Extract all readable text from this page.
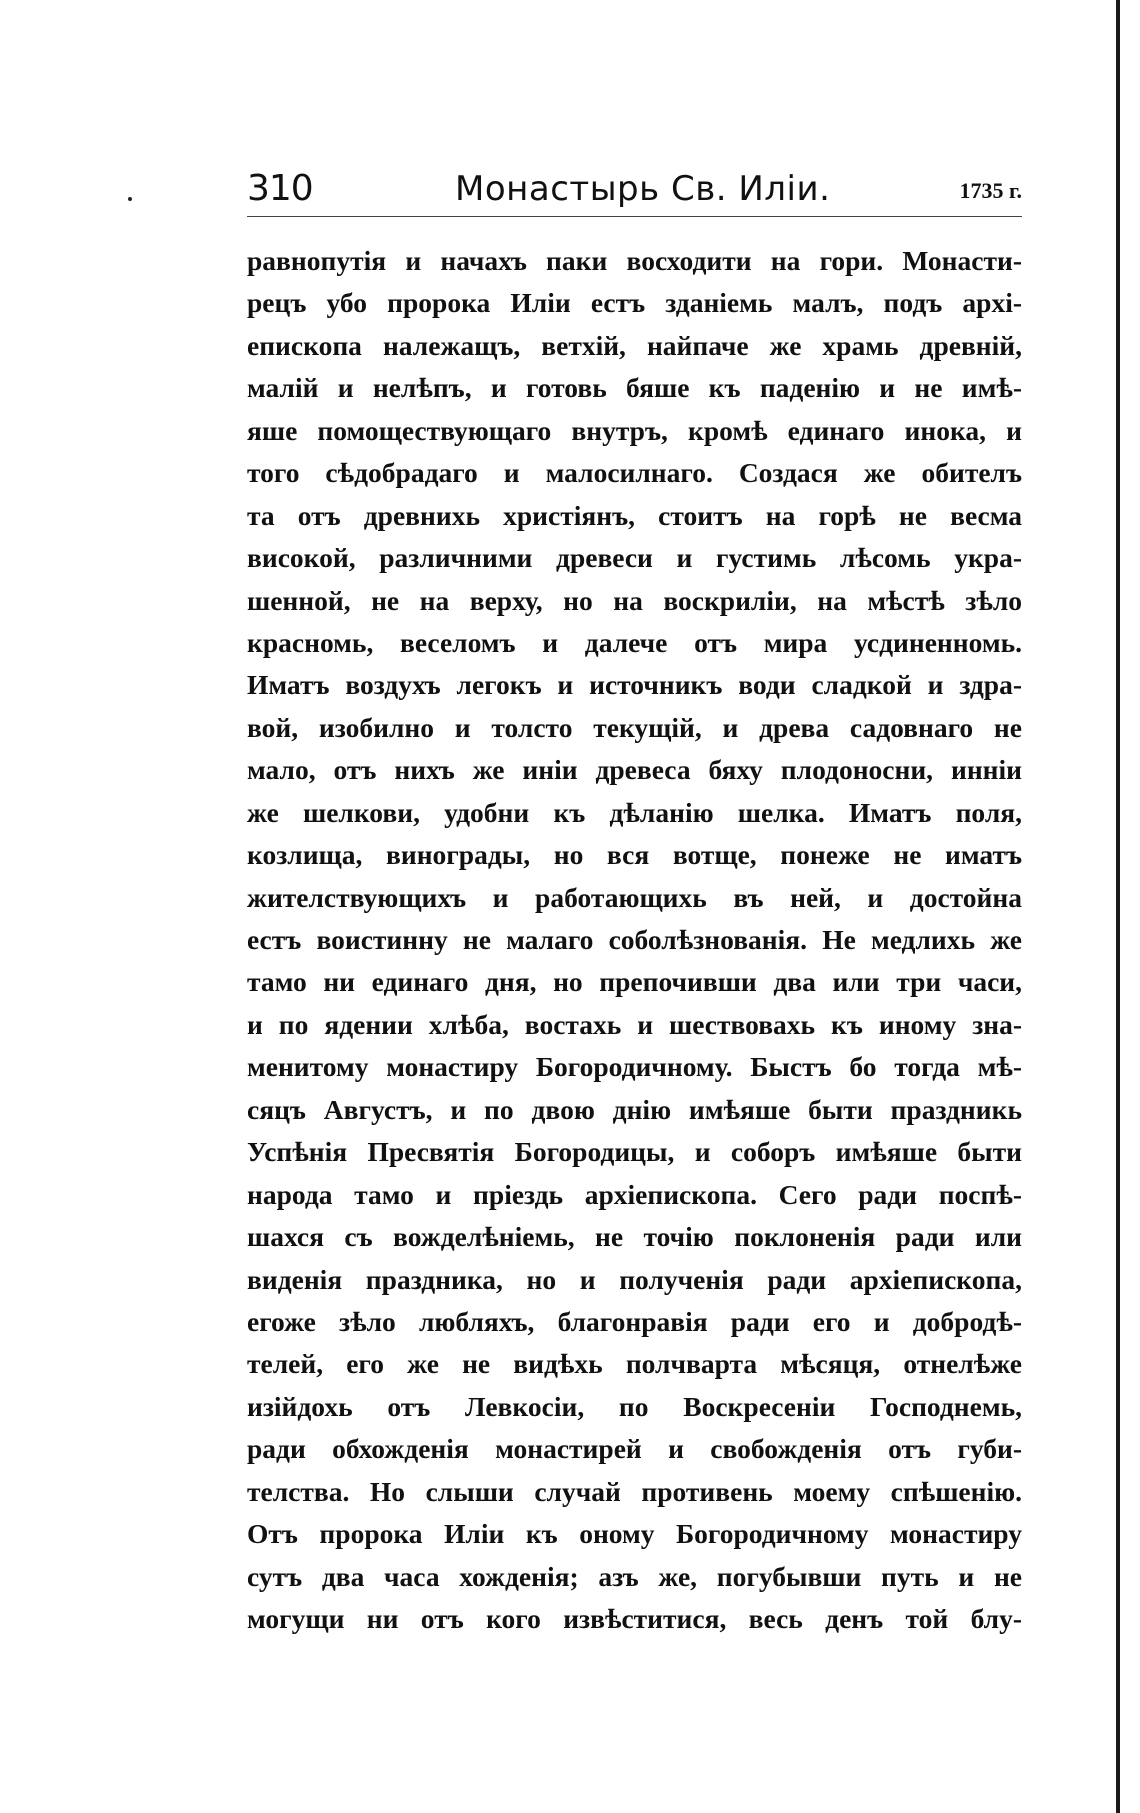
310	Монастырь Св. Иліи.	1735 г.
равнопутія и начахъ паки восходити на гори. Монасти-
рецъ убо пророка Иліи естъ зданіемь малъ, подъ архі-
епископа належащъ, ветхій, найпаче же храмь древній,
малій и нелѣпъ, и готовь бяше къ паденію и не имѣ-
яше помоществующаго внутръ, кромѣ единаго инока, и
того сѣдобрадаго и малосилнаго. Создася же обителъ
та отъ древнихь христіянъ, стоитъ на горѣ не весма
високой, различними древеси и густимь лѣсомь укра-
шенной, не на верху, но на воскриліи, на мѣстѣ зѣло
красномь, веселомъ и далече отъ мира усдиненномь.
Иматъ воздухъ легокъ и источникъ води сладкой и здра-
вой, изобилно и толсто текущій, и древа садовнаго не
мало, отъ нихъ же иніи древеса бяху плодоносни, инніи
же шелкови, удобни къ дѣланію шелка. Иматъ поля,
козлища, винограды, но вся вотще, понеже не иматъ
жителствующихъ и работающихь въ ней, и достойна
естъ воистинну не малаго соболѣзнованія. Не медлихь же
тамо ни единаго дня, но препочивши два или три часи,
и по ядении хлѣба, востахь и шествовахь къ иному зна-
менитому монастиру Богородичному. Быстъ бо тогда мѣ-
сяцъ Августъ, и по двою днію имѣяше быти праздникь
Успѣнія Пресвятія Богородицы, и соборъ имѣяше быти
народа тамо и пріездь архіепископа. Сего ради поспѣ-
шахся съ вожделѣніемь, не точію поклоненія ради или
виденія праздника, но и полученія ради архіепископа,
егоже зѣло любляхъ, благонравія ради его и добродѣ-
телей, его же не видѣхь полчварта мѣсяця, отнелѣже
изійдохь отъ Левкосіи, по Воскресеніи Господнемь,
ради обхожденія монастирей и свобожденія отъ губи-
телства. Но слыши случай противень моему спѣшенію.
Отъ пророка Иліи къ оному Богородичному монастиру
сутъ два часа хожденія; азъ же, погубывши путь и не
могущи ни отъ кого извѣститися, весь денъ той блу-
